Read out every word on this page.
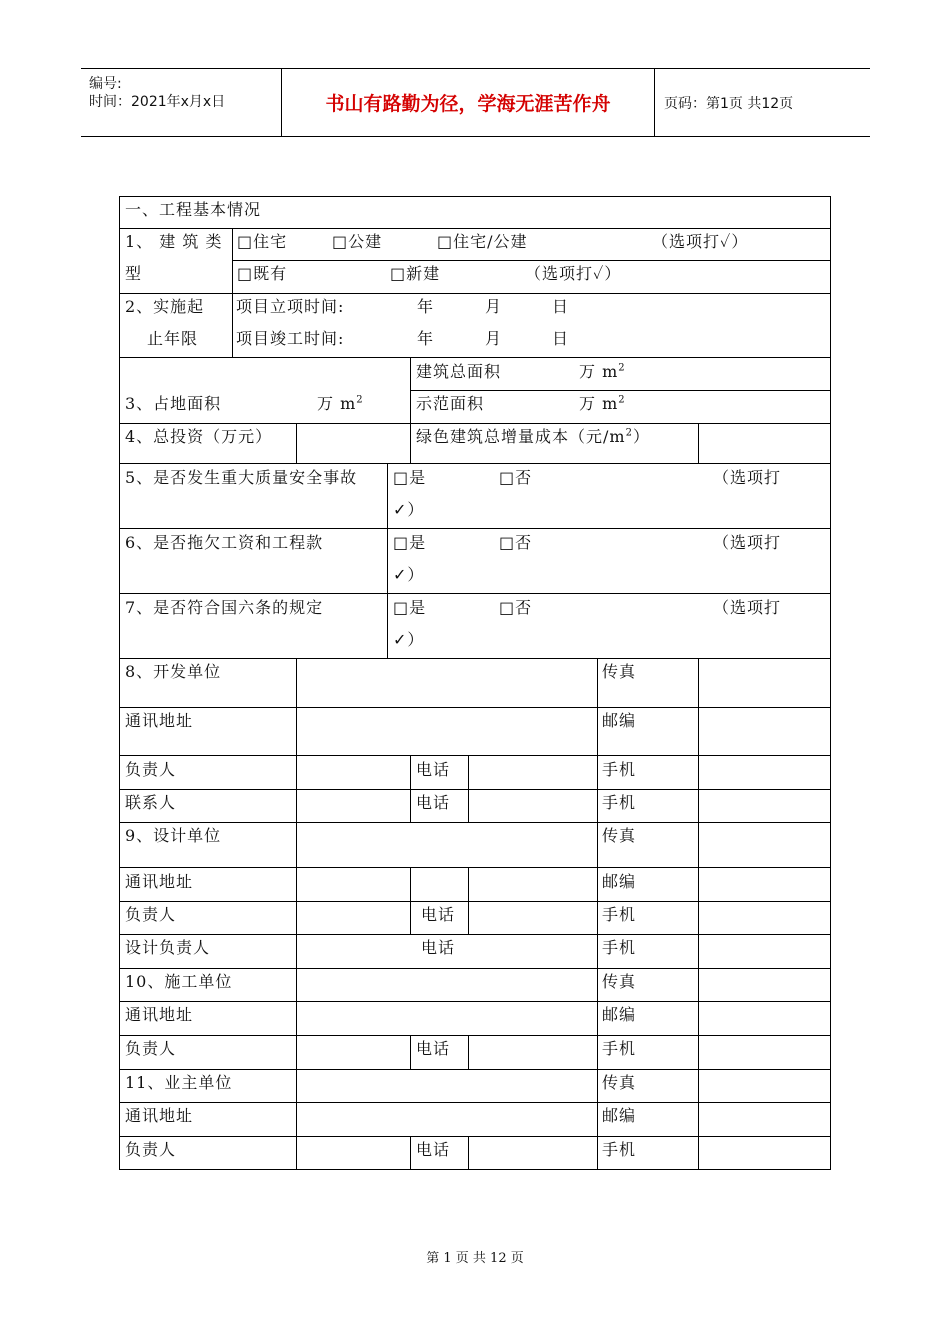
编号:
时间：2021年x月x日	书山有路勤为径，学海无涯苦作舟	页码：第1页 共12页
一、工程基本情况
1、 建 筑 类
型
□住宅	□公建	□住宅/公建	（选项打✓）
□既有	□新建	（选项打✓）
2、实施起
止年限
项目立项时间:	年	月	日
项目竣工时间:	年	月	日
3、占地面积	万 $m^2$
建筑总面积	万 $m^2$
示范面积	万 $m^2$
4、总投资（万元）	绿色建筑总增量成本（元$/m^2$）
5、是否发生重大质量安全事故 □是	□否	（选项打
✓）
6、是否拖欠工资和工程款	□是	□否	（选项打
✓）
7、是否符合国六条的规定	□是	□否	（选项打
✓）
8、开发单位	传真
通讯地址	邮编
负责人	电话	手机
联系人	电话	手机
9、设计单位	传真
通讯地址	邮编
负责人	电话	手机
设计负责人	电话	手机
10、施工单位	传真
通讯地址	邮编
负责人	电话	手机
11、业主单位	传真
通讯地址	邮编
负责人	电话	手机
第 1 页 共 12 页
